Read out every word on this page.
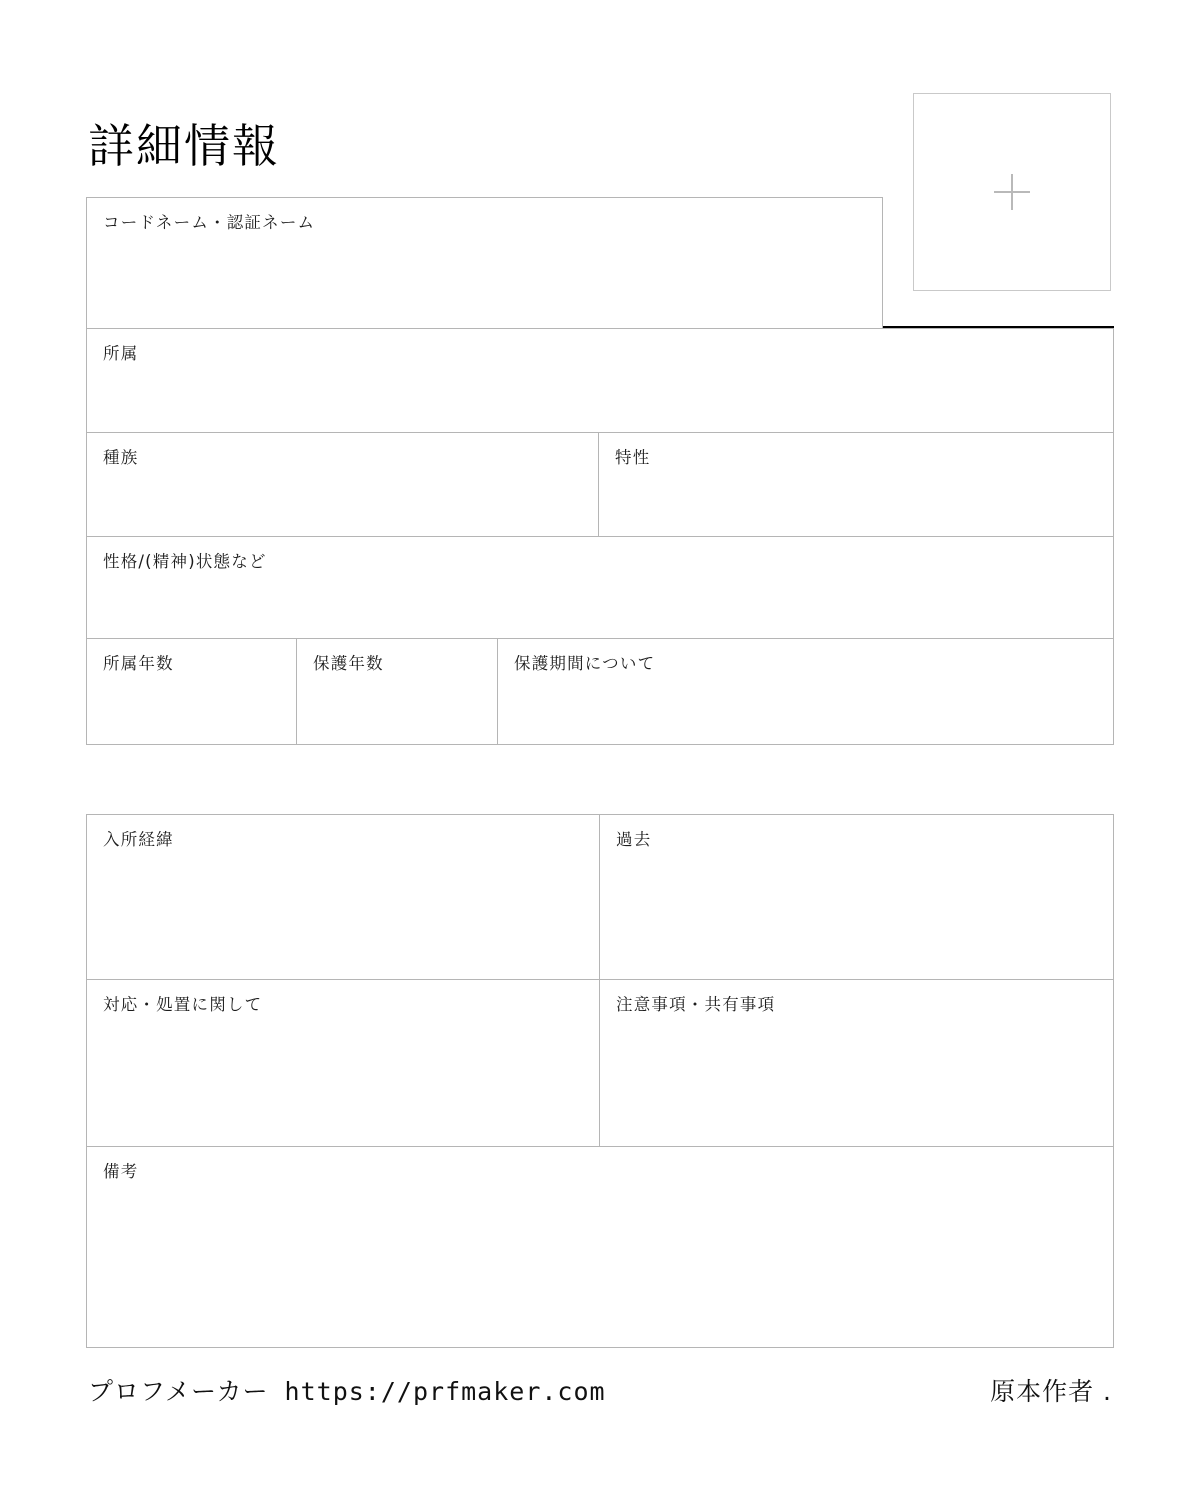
詳細情報
コードネーム・認証ネーム
所属
種族	特性
性格/(精神)状態など
所属年数	保護年数	保護期間について
入所経緯	過去
対応・処置に関して	注意事項・共有事項
備考
プロフメーカー https://prfmaker.com	原本作者 .
